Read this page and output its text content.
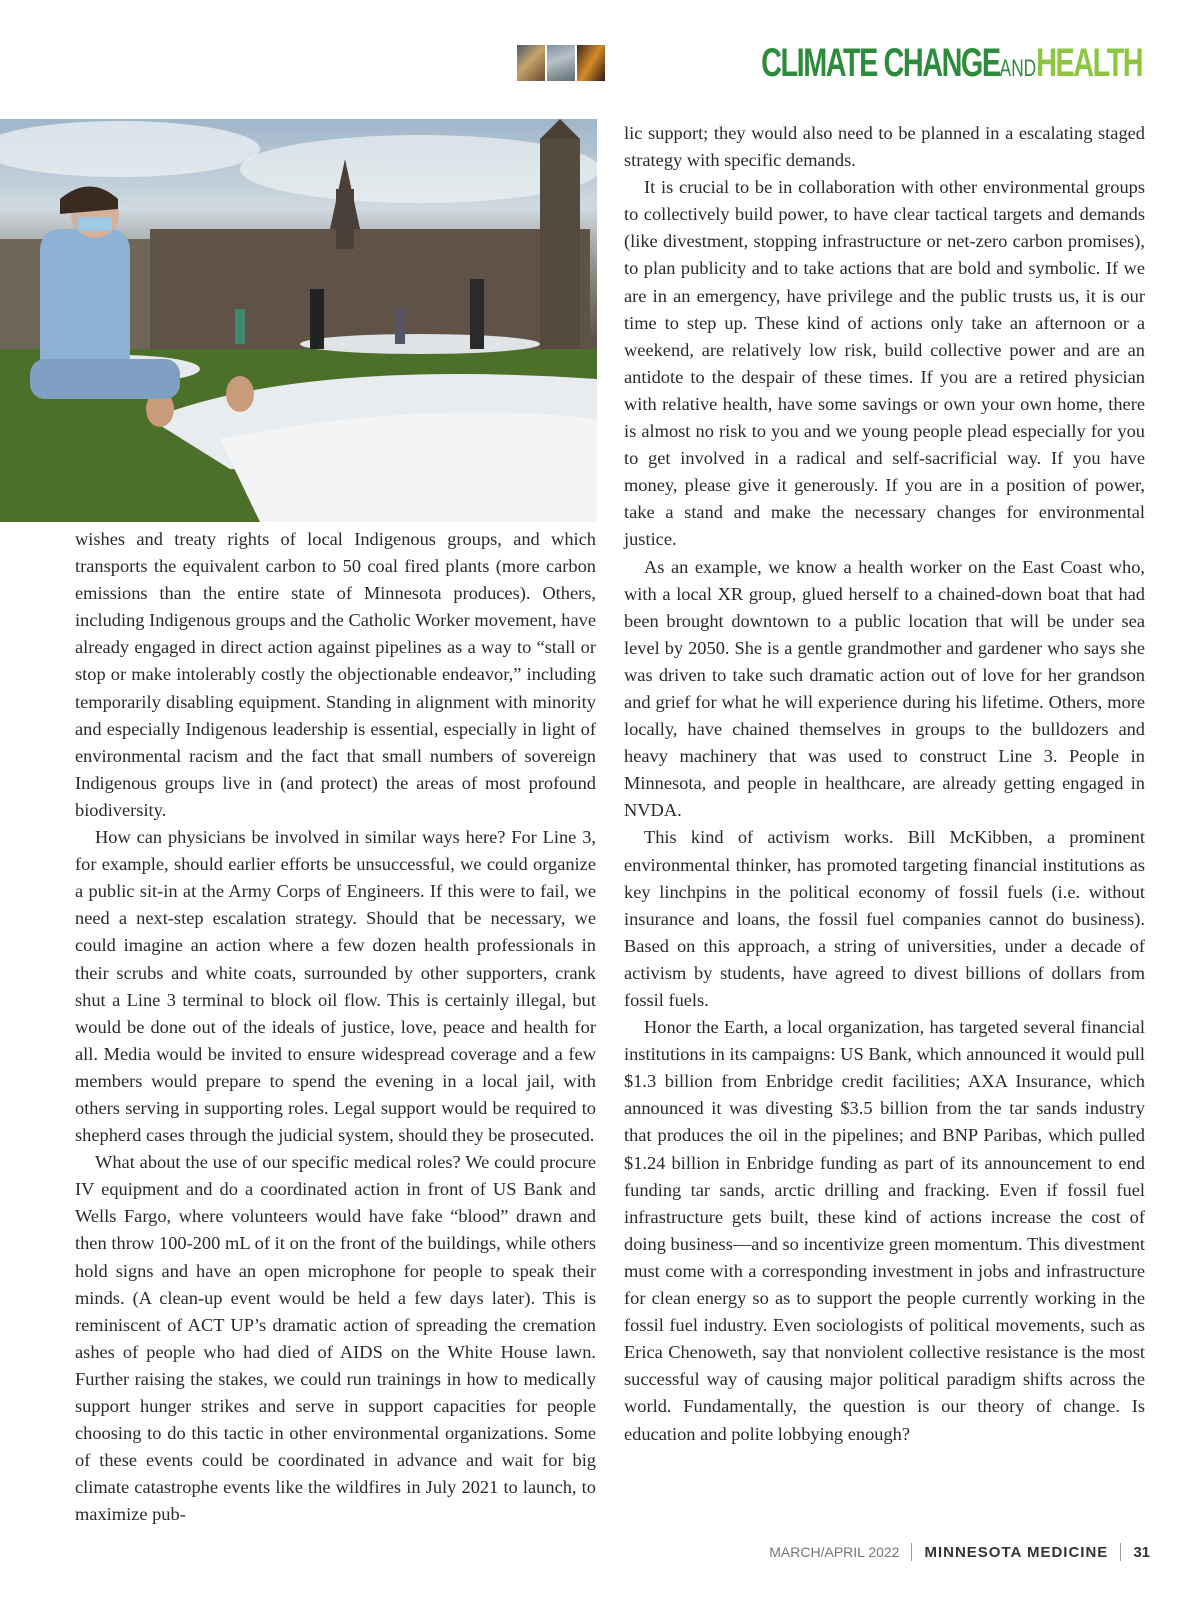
CLIMATE CHANGEANDHEALTH

wishes and treaty rights of local Indigenous groups, and which transports the equivalent carbon to 50 coal fired plants (more carbon emissions than the entire state of Minnesota produces). Others, including Indigenous groups and the Catholic Worker movement, have already engaged in direct action against pipelines as a way to “stall or stop or make intolerably costly the objectionable endeavor,” including temporarily disabling equipment. Standing in alignment with minority and especially Indigenous leadership is essential, especially in light of environmental racism and the fact that small numbers of sovereign Indigenous groups live in (and protect) the areas of most profound biodiversity.

How can physicians be involved in similar ways here? For Line 3, for example, should earlier efforts be unsuccessful, we could organize a public sit-in at the Army Corps of Engineers. If this were to fail, we need a next-step escalation strategy. Should that be necessary, we could imagine an action where a few dozen health professionals in their scrubs and white coats, surrounded by other supporters, crank shut a Line 3 terminal to block oil flow. This is certainly illegal, but would be done out of the ideals of justice, love, peace and health for all. Media would be invited to ensure widespread coverage and a few members would prepare to spend the evening in a local jail, with others serving in supporting roles. Legal support would be required to shepherd cases through the judicial system, should they be prosecuted.

What about the use of our specific medical roles? We could procure IV equipment and do a coordinated action in front of US Bank and Wells Fargo, where volunteers would have fake “blood” drawn and then throw 100-200 mL of it on the front of the buildings, while others hold signs and have an open microphone for people to speak their minds. (A clean-up event would be held a few days later). This is reminiscent of ACT UP’s dramatic action of spreading the cremation ashes of people who had died of AIDS on the White House lawn. Further raising the stakes, we could run trainings in how to medically support hunger strikes and serve in support capacities for people choosing to do this tactic in other environmental organizations. Some of these events could be coordinated in advance and wait for big climate catastrophe events like the wildfires in July 2021 to launch, to maximize pub-

lic support; they would also need to be planned in a escalating staged strategy with specific demands.

It is crucial to be in collaboration with other environmental groups to collectively build power, to have clear tactical targets and demands (like divestment, stopping infrastructure or net-zero carbon promises), to plan publicity and to take actions that are bold and symbolic. If we are in an emergency, have privilege and the public trusts us, it is our time to step up. These kind of actions only take an afternoon or a weekend, are relatively low risk, build collective power and are an antidote to the despair of these times. If you are a retired physician with relative health, have some savings or own your own home, there is almost no risk to you and we young people plead especially for you to get involved in a radical and self-sacrificial way. If you have money, please give it generously. If you are in a position of power, take a stand and make the necessary changes for environmental justice.

As an example, we know a health worker on the East Coast who, with a local XR group, glued herself to a chained-down boat that had been brought downtown to a public location that will be under sea level by 2050. She is a gentle grandmother and gardener who says she was driven to take such dramatic action out of love for her grandson and grief for what he will experience during his lifetime. Others, more locally, have chained themselves in groups to the bulldozers and heavy machinery that was used to construct Line 3. People in Minnesota, and people in healthcare, are already getting engaged in NVDA.

This kind of activism works. Bill McKibben, a prominent environmental thinker, has promoted targeting financial institutions as key linchpins in the political economy of fossil fuels (i.e. without insurance and loans, the fossil fuel companies cannot do business). Based on this approach, a string of universities, under a decade of activism by students, have agreed to divest billions of dollars from fossil fuels.

Honor the Earth, a local organization, has targeted several financial institutions in its campaigns: US Bank, which announced it would pull $1.3 billion from Enbridge credit facilities; AXA Insurance, which announced it was divesting $3.5 billion from the tar sands industry that produces the oil in the pipelines; and BNP Paribas, which pulled $1.24 billion in Enbridge funding as part of its announcement to end funding tar sands, arctic drilling and fracking. Even if fossil fuel infrastructure gets built, these kind of actions increase the cost of doing business—and so incentivize green momentum. This divestment must come with a corresponding investment in jobs and infrastructure for clean energy so as to support the people currently working in the fossil fuel industry. Even sociologists of political movements, such as Erica Chenoweth, say that nonviolent collective resistance is the most successful way of causing major political paradigm shifts across the world. Fundamentally, the question is our theory of change. Is education and polite lobbying enough?

MARCH/APRIL 2022 MINNESOTA MEDICINE 31
